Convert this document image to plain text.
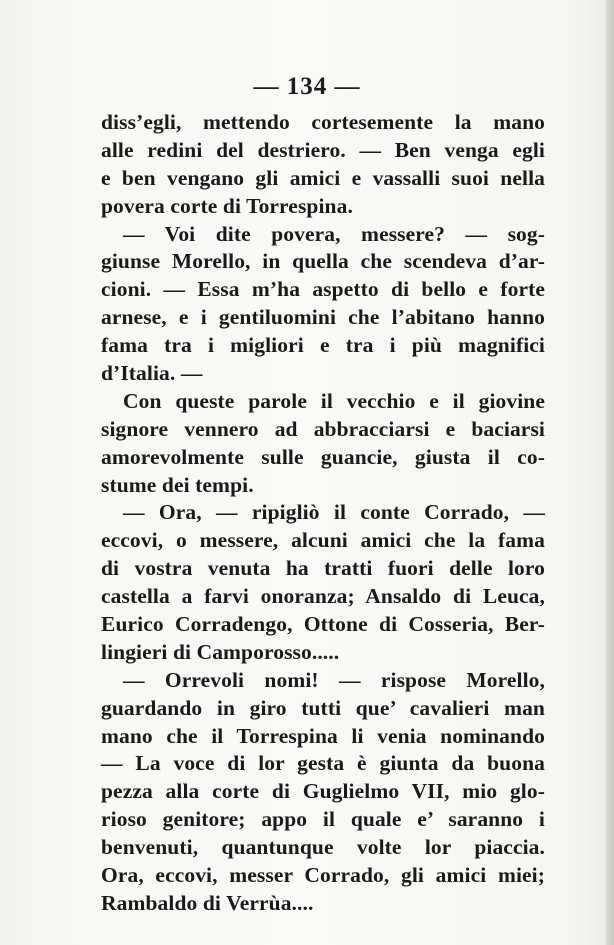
— 134 —
diss’egli, mettendo cortesemente la mano
alle redini del destriero. — Ben venga egli
e ben vengano gli amici e vassalli suoi nella
povera corte di Torrespina.
— Voi dite povera, messere? — sog-
giunse Morello, in quella che scendeva d’ar-
cioni. — Essa m’ha aspetto di bello e forte
arnese, e i gentiluomini che l’abitano hanno
fama tra i migliori e tra i più magnifici
d’Italia. —
Con queste parole il vecchio e il giovine
signore vennero ad abbracciarsi e baciarsi
amorevolmente sulle guancie, giusta il co-
stume dei tempi.
— Ora, — ripigliò il conte Corrado, —
eccovi, o messere, alcuni amici che la fama
di vostra venuta ha tratti fuori delle loro
castella a farvi onoranza; Ansaldo di Leuca,
Eurico Corradengo, Ottone di Cosseria, Ber-
lingieri di Camporosso.....
— Orrevoli nomi! — rispose Morello,
guardando in giro tutti que’ cavalieri man
mano che il Torrespina li venia nominando
— La voce di lor gesta è giunta da buona
pezza alla corte di Guglielmo VII, mio glo-
rioso genitore; appo il quale e’ saranno i
benvenuti, quantunque volte lor piaccia.
Ora, eccovi, messer Corrado, gli amici miei;
Rambaldo di Verrùa....
